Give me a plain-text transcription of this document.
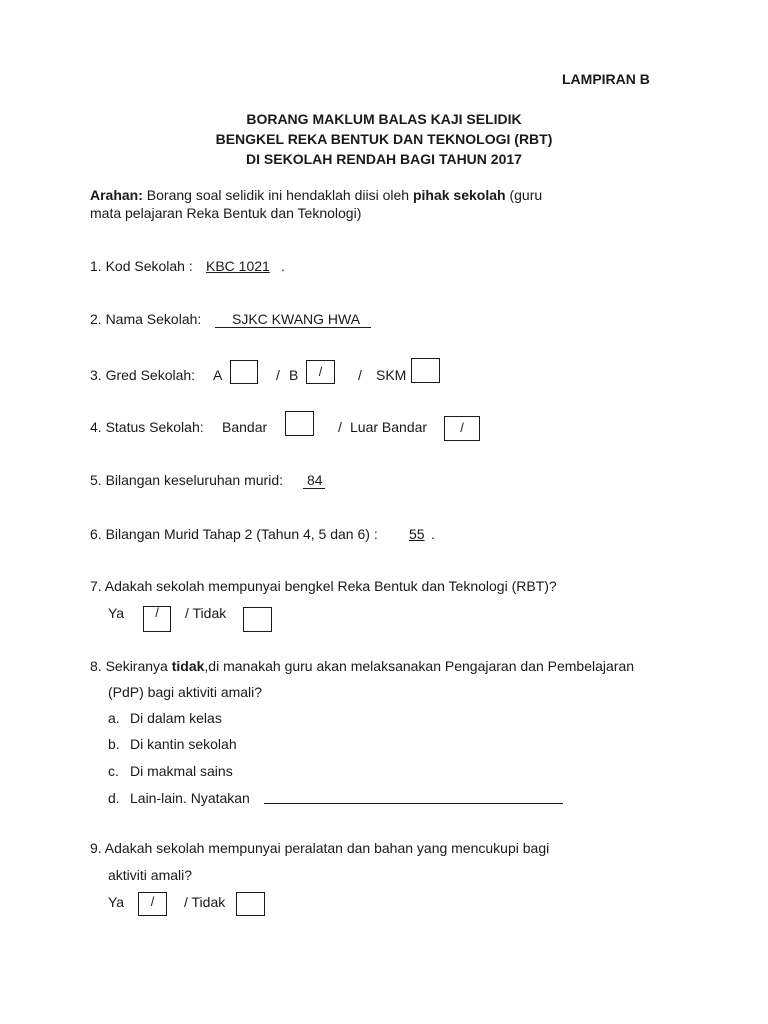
LAMPIRAN B
BORANG MAKLUM BALAS KAJI SELIDIK
BENGKEL REKA BENTUK DAN TEKNOLOGI (RBT)
DI SEKOLAH RENDAH BAGI TAHUN 2017
Arahan: Borang soal selidik ini hendaklah diisi oleh pihak sekolah (guru
mata pelajaran Reka Bentuk dan Teknologi)
1. Kod Sekolah : KBC 1021 .
2. Nama Sekolah: SJKC KWANG HWA
3. Gred Sekolah: A	/ B	/	/ SKM
4. Status Sekolah: Bandar	/ Luar Bandar	/
5. Bilangan keseluruhan murid: 84
6. Bilangan Murid Tahap 2 (Tahun 4, 5 dan 6) : 55 .
7. Adakah sekolah mempunyai bengkel Reka Bentuk dan Teknologi (RBT)?
Ya	/	/ Tidak
8. Sekiranya tidak,di manakah guru akan melaksanakan Pengajaran dan Pembelajaran
(PdP) bagi aktiviti amali?
a. Di dalam kelas
b. Di kantin sekolah
c. Di makmal sains
d. Lain-lain. Nyatakan
9. Adakah sekolah mempunyai peralatan dan bahan yang mencukupi bagi
aktiviti amali?
Ya	/	/ Tidak
